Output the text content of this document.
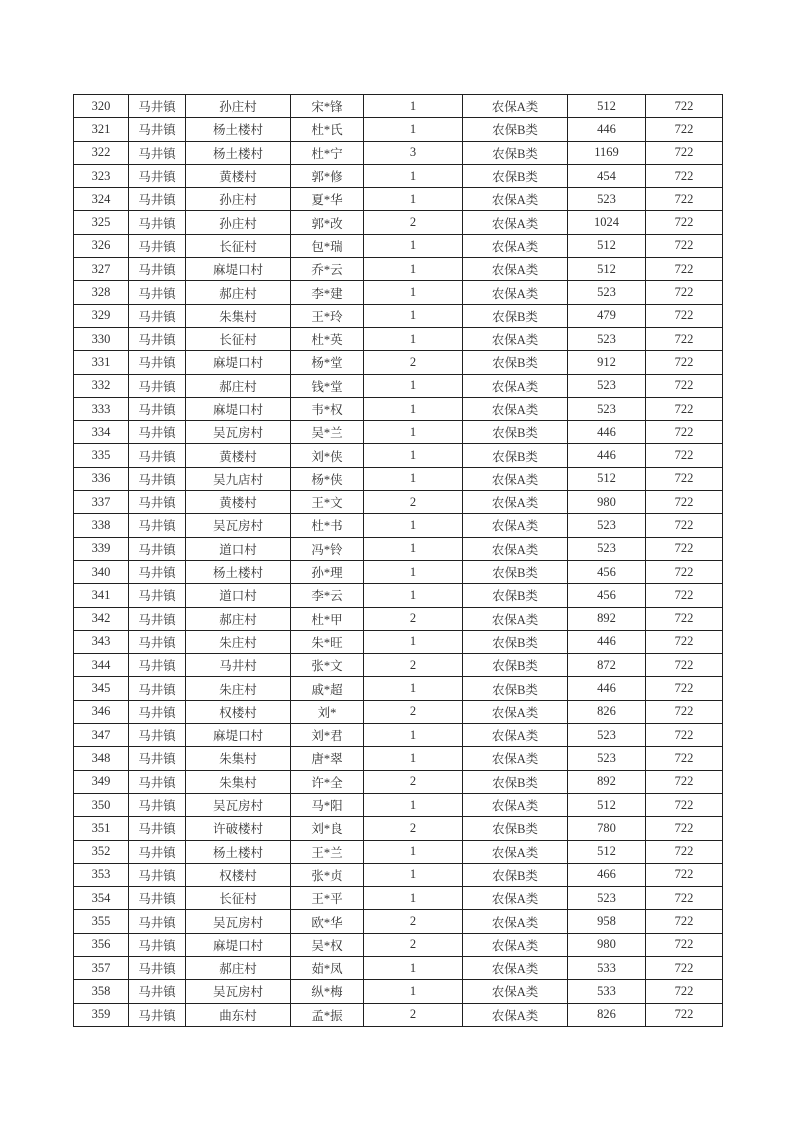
320	马井镇	孙庄村	宋*锋	1	农保A类	512	722
321	马井镇	杨土楼村	杜*氏	1	农保B类	446	722
322	马井镇	杨土楼村	杜*宁	3	农保B类	1169	722
323	马井镇	黄楼村	郭*修	1	农保B类	454	722
324	马井镇	孙庄村	夏*华	1	农保A类	523	722
325	马井镇	孙庄村	郭*改	2	农保A类	1024	722
326	马井镇	长征村	包*瑞	1	农保A类	512	722
327	马井镇	麻堤口村	乔*云	1	农保A类	512	722
328	马井镇	郝庄村	李*建	1	农保A类	523	722
329	马井镇	朱集村	王*玲	1	农保B类	479	722
330	马井镇	长征村	杜*英	1	农保A类	523	722
331	马井镇	麻堤口村	杨*堂	2	农保B类	912	722
332	马井镇	郝庄村	钱*堂	1	农保A类	523	722
333	马井镇	麻堤口村	韦*权	1	农保A类	523	722
334	马井镇	吴瓦房村	吴*兰	1	农保B类	446	722
335	马井镇	黄楼村	刘*侠	1	农保B类	446	722
336	马井镇	吴九店村	杨*侠	1	农保A类	512	722
337	马井镇	黄楼村	王*文	2	农保A类	980	722
338	马井镇	吴瓦房村	杜*书	1	农保A类	523	722
339	马井镇	道口村	冯*铃	1	农保A类	523	722
340	马井镇	杨土楼村	孙*理	1	农保B类	456	722
341	马井镇	道口村	李*云	1	农保B类	456	722
342	马井镇	郝庄村	杜*甲	2	农保A类	892	722
343	马井镇	朱庄村	朱*旺	1	农保B类	446	722
344	马井镇	马井村	张*文	2	农保B类	872	722
345	马井镇	朱庄村	戚*超	1	农保B类	446	722
346	马井镇	权楼村	刘*	2	农保A类	826	722
347	马井镇	麻堤口村	刘*君	1	农保A类	523	722
348	马井镇	朱集村	唐*翠	1	农保A类	523	722
349	马井镇	朱集村	许*全	2	农保B类	892	722
350	马井镇	吴瓦房村	马*阳	1	农保A类	512	722
351	马井镇	许破楼村	刘*良	2	农保B类	780	722
352	马井镇	杨土楼村	王*兰	1	农保A类	512	722
353	马井镇	权楼村	张*贞	1	农保B类	466	722
354	马井镇	长征村	王*平	1	农保A类	523	722
355	马井镇	吴瓦房村	欧*华	2	农保A类	958	722
356	马井镇	麻堤口村	吴*权	2	农保A类	980	722
357	马井镇	郝庄村	茹*凤	1	农保A类	533	722
358	马井镇	吴瓦房村	纵*梅	1	农保A类	533	722
359	马井镇	曲东村	孟*振	2	农保A类	826	722
